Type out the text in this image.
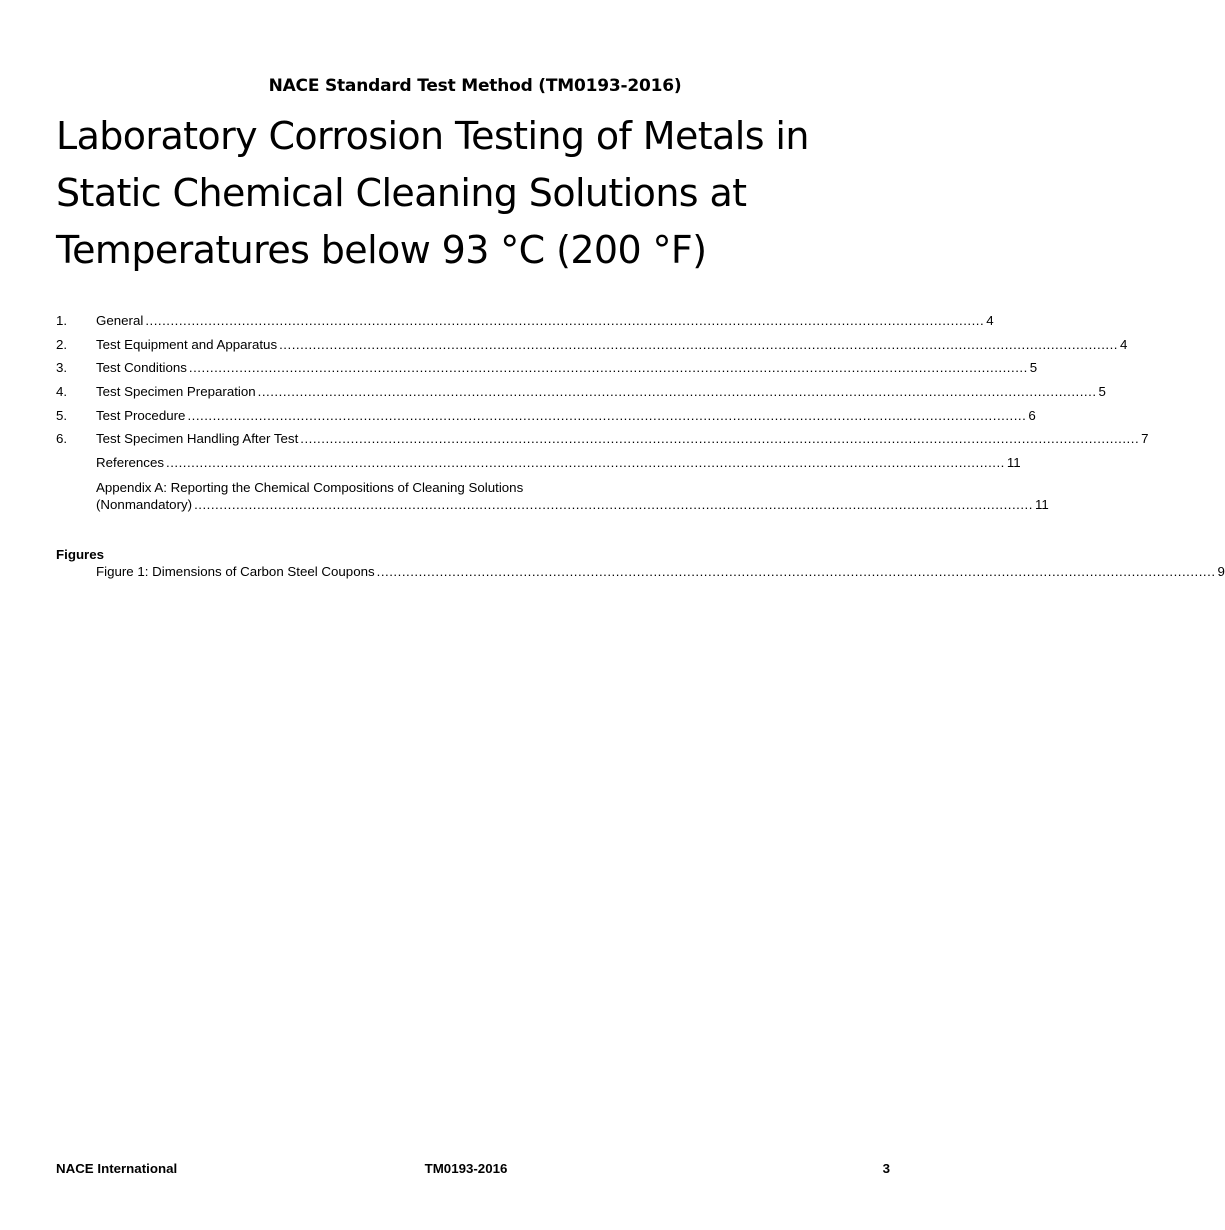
NACE Standard Test Method (TM0193-2016)
Laboratory Corrosion Testing of Metals in
Static Chemical Cleaning Solutions at
Temperatures below 93 °C (200 °F)
1.	General ........................................................................................................................................................................................................ 4
2.	Test Equipment and Apparatus ........................................................................................................................................................................................................ 4
3.	Test Conditions ........................................................................................................................................................................................................ 5
4.	Test Specimen Preparation ........................................................................................................................................................................................................ 5
5.	Test Procedure ........................................................................................................................................................................................................ 6
6.	Test Specimen Handling After Test ........................................................................................................................................................................................................ 7
References ........................................................................................................................................................................................................ 11
Appendix A: Reporting the Chemical Compositions of Cleaning Solutions
(Nonmandatory) ........................................................................................................................................................................................................ 11
Figures
Figure 1: Dimensions of Carbon Steel Coupons ........................................................................................................................................................................................................ 9
NACE International	TM0193-2016	3
